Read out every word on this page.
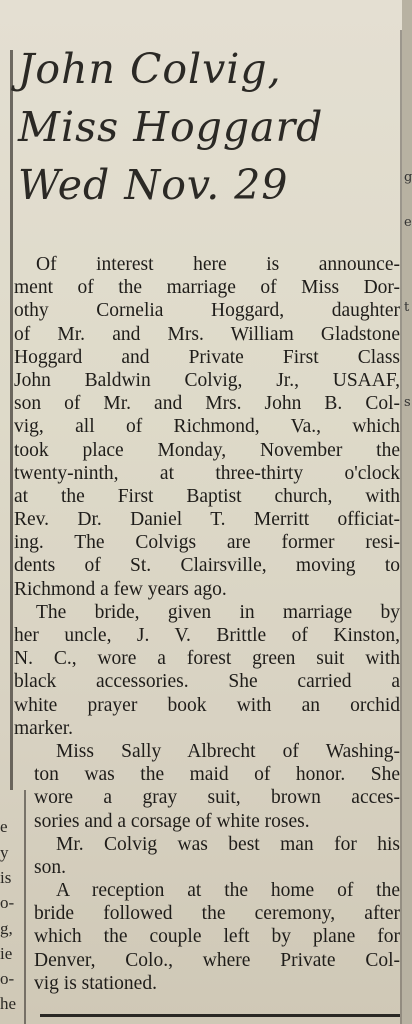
g
e
t
s
John Colvig,
Miss Hoggard
Wed Nov. 29
Of interest here is announce-
ment of the marriage of Miss Dor-
othy Cornelia Hoggard, daughter
of Mr. and Mrs. William Gladstone
Hoggard and Private First Class
John Baldwin Colvig, Jr., USAAF,
son of Mr. and Mrs. John B. Col-
vig, all of Richmond, Va., which
took place Monday, November the
twenty-ninth, at three-thirty o'clock
at the First Baptist church, with
Rev. Dr. Daniel T. Merritt officiat-
ing. The Colvigs are former resi-
dents of St. Clairsville, moving to
Richmond a few years ago.
The bride, given in marriage by
her uncle, J. V. Brittle of Kinston,
N. C., wore a forest green suit with
black accessories. She carried a
white prayer book with an orchid
marker.
Miss Sally Albrecht of Washing-
ton was the maid of honor. She
wore a gray suit, brown acces-
sories and a corsage of white roses.
Mr. Colvig was best man for his
son.
A reception at the home of the
bride followed the ceremony, after
which the couple left by plane for
Denver, Colo., where Private Col-
vig is stationed.
e
y
is
o-
g,
ie
o-
he
